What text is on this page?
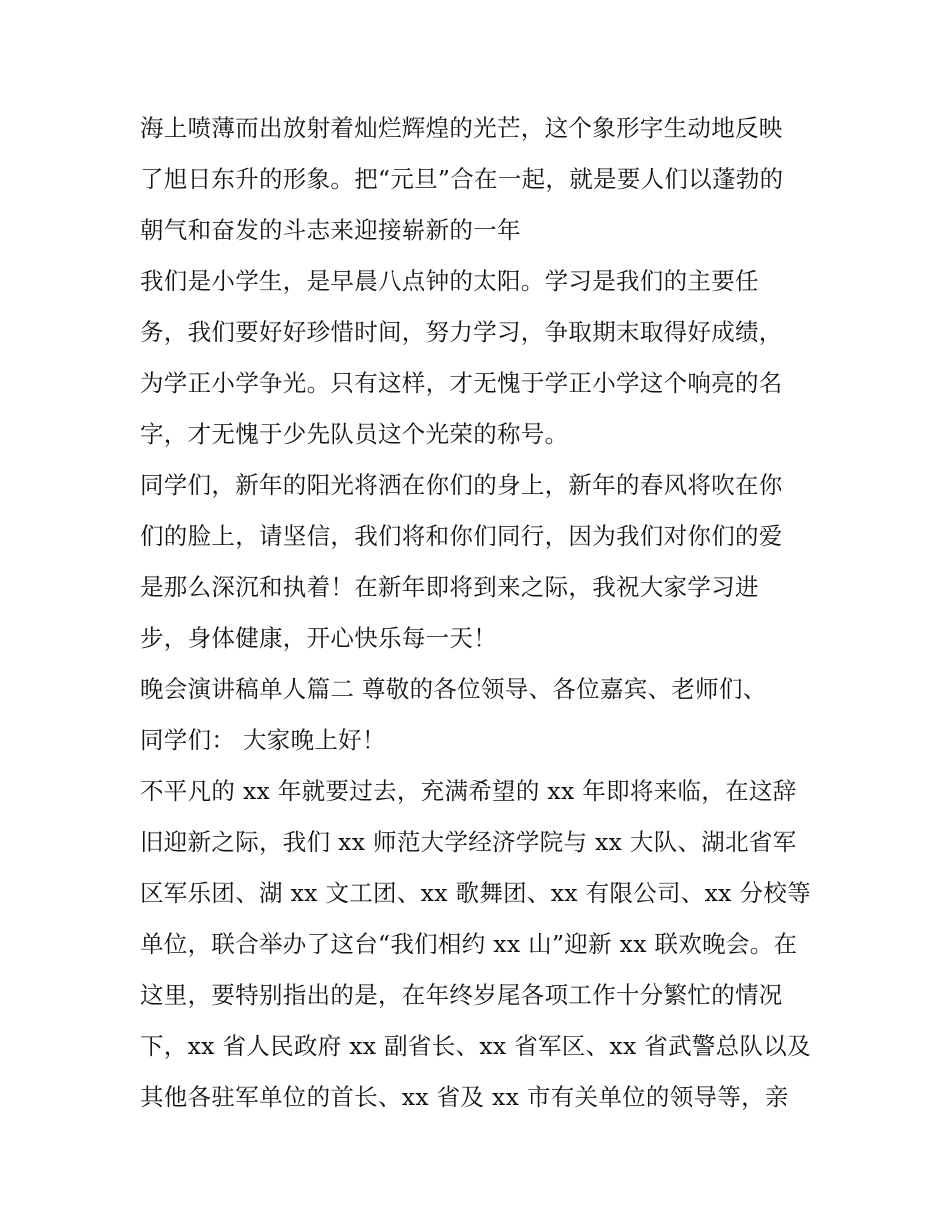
海上喷薄而出放射着灿烂辉煌的光芒，这个象形字生动地反映
了旭日东升的形象。把“元旦”合在一起，就是要人们以蓬勃的
朝气和奋发的斗志来迎接崭新的一年
我们是小学生，是早晨八点钟的太阳。学习是我们的主要任
务，我们要好好珍惜时间，努力学习，争取期末取得好成绩，
为学正小学争光。只有这样，才无愧于学正小学这个响亮的名
字，才无愧于少先队员这个光荣的称号。
同学们，新年的阳光将洒在你们的身上，新年的春风将吹在你
们的脸上，请坚信，我们将和你们同行，因为我们对你们的爱
是那么深沉和执着！在新年即将到来之际，我祝大家学习进
步，身体健康，开心快乐每一天！
晚会演讲稿单人篇二 尊敬的各位领导、各位嘉宾、老师们、
同学们： 大家晚上好！
不平凡的 xx 年就要过去，充满希望的 xx 年即将来临，在这辞
旧迎新之际，我们 xx 师范大学经济学院与 xx 大队、湖北省军
区军乐团、湖 xx 文工团、xx 歌舞团、xx 有限公司、xx 分校等
单位，联合举办了这台“我们相约 xx 山”迎新 xx 联欢晚会。在
这里，要特别指出的是，在年终岁尾各项工作十分繁忙的情况
下，xx 省人民政府 xx 副省长、xx 省军区、xx 省武警总队以及
其他各驻军单位的首长、xx 省及 xx 市有关单位的领导等，亲
